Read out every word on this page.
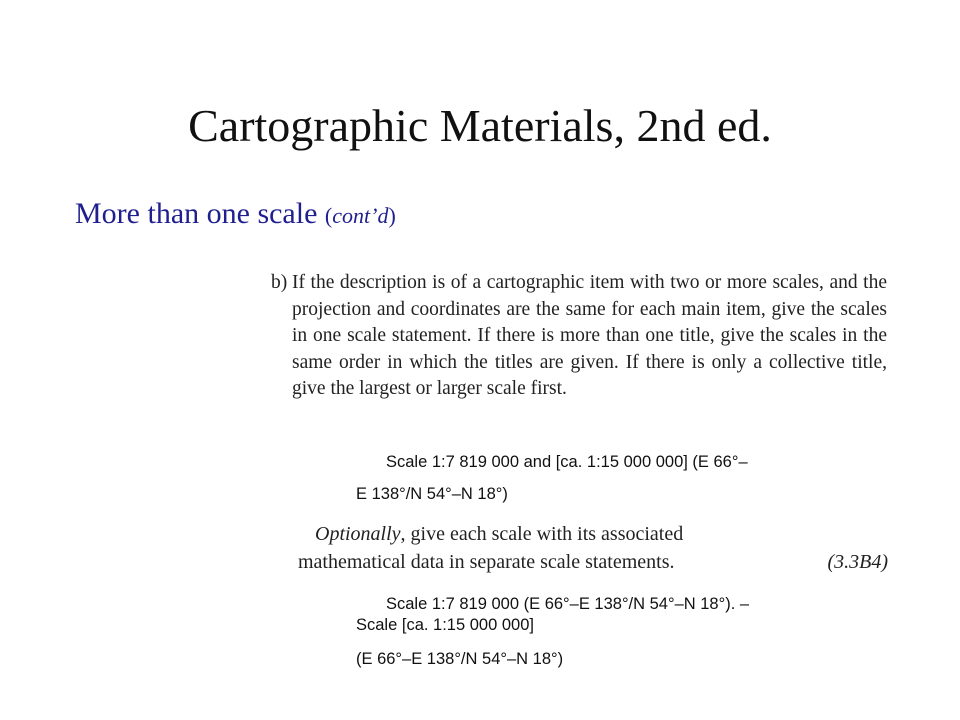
Cartographic Materials, 2nd ed.
More than one scale (cont’d)
b) If the description is of a cartographic item with two or more scales, and the projection and coordinates are the same for each main item, give the scales in one scale statement. If there is more than one title, give the scales in the same order in which the titles are given. If there is only a collective title, give the largest or larger scale first.
Scale 1:7 819 000 and [ca. 1:15 000 000] (E 66°–
E 138°/N 54°–N 18°)
Optionally, give each scale with its associated
mathematical data in separate scale statements.	(3.3B4)
Scale 1:7 819 000 (E 66°–E 138°/N 54°–N 18°). –
Scale [ca. 1:15 000 000]
(E 66°–E 138°/N 54°–N 18°)
